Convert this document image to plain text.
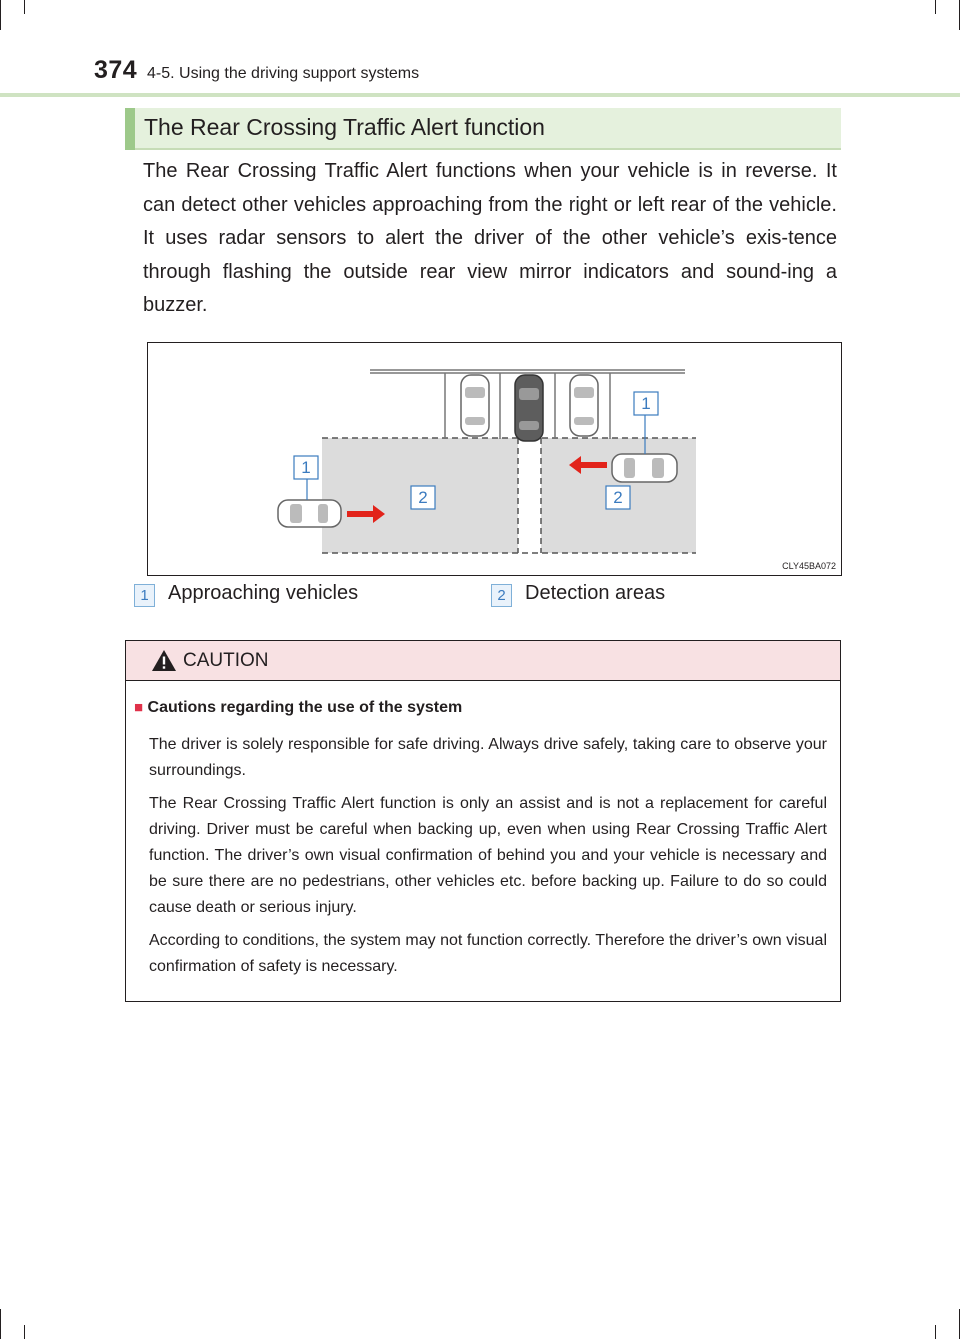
374 4-5. Using the driving support systems
The Rear Crossing Traffic Alert function

The Rear Crossing Traffic Alert functions when your vehicle is in reverse. It can detect other vehicles approaching from the right or left rear of the vehicle. It uses radar sensors to alert the driver of the other vehicle’s exis-tence through flashing the outside rear view mirror indicators and sound-ing a buzzer.

1
1
2	2
CLY45BA072
1 Approaching vehicles	2 Detection areas
CAUTION
■ Cautions regarding the use of the system

The driver is solely responsible for safe driving. Always drive safely, taking care to observe your surroundings.

The Rear Crossing Traffic Alert function is only an assist and is not a replacement for careful driving. Driver must be careful when backing up, even when using Rear Crossing Traffic Alert function. The driver’s own visual confirmation of behind you and your vehicle is necessary and be sure there are no pedestrians, other vehicles etc. before backing up. Failure to do so could cause death or serious injury.

According to conditions, the system may not function correctly. Therefore the driver’s own visual confirmation of safety is necessary.
